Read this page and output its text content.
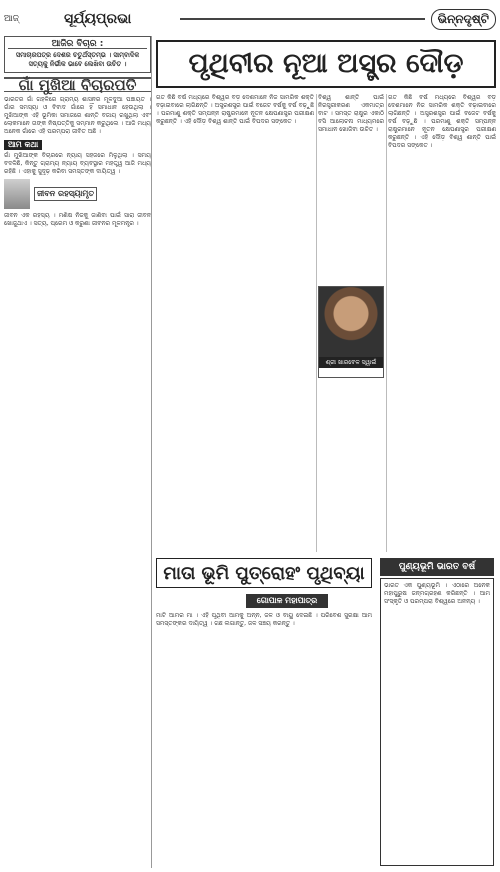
ଆଜ୍	ସୂର୍ଯ୍ୟପ୍ରଭା	ଭିନ୍ନଦୃଷ୍ଟି
ଆଜିର ବିଚାର :
ସମାଚାରପତ୍ର ଦେଶର ଚତୁର୍ଥସ୍ତମ୍ଭ । ସାମ୍ବାଦିକ ସତ୍ୟକୁ ନିର୍ଭୀକ ଭାବେ ଲେଖିବା ଉଚିତ ।
ଗାଁ ମୁଖିଆ ବିଚାରପତି

ଭାରତର ଗାଁ ଗହଳିରେ ଗ୍ରାମ୍ୟ ଶାସନର ମୂଳଦୁଆ ପଞ୍ଚାୟତ । ଗାଁର ସମସ୍ୟା ଓ ବିବାଦ ଗାଁରେ ହିଁ ସମାଧାନ ହେଉଥିଲା । ମୁଖିଆଙ୍କ ଏହି ଭୂମିକା ସମାଜରେ ଶାନ୍ତି ବଜାୟ ରଖୁଥିଲା ଏବଂ ଲୋକମାନେ ତାଙ୍କ ନିଷ୍ପତ୍ତିକୁ ସମ୍ମାନ କରୁଥିଲେ । ଆଜି ମଧ୍ୟ ଅନେକ ଗାଁରେ ଏହି ପରମ୍ପରା ଜୀବିତ ଅଛି ।

ଆମ କଥା

ଗାଁ ମୁଖିଆଙ୍କ ବିଚାରରେ ନ୍ୟାୟ ସହଜରେ ମିଳୁଥିଲା । ସମୟ ବଦଳିଛି, କିନ୍ତୁ ଗ୍ରାମ୍ୟ ନ୍ୟାୟ ବ୍ୟବସ୍ଥାର ମହତ୍ତ୍ୱ ଆଜି ମଧ୍ୟ ରହିଛି । ଏହାକୁ ସୁଦୃଢ଼ କରିବା ସମସ୍ତଙ୍କ ଦାୟିତ୍ୱ ।

ଜୀବନ ରହସ୍ୟାମୃତ

ଜୀବନ ଏକ ରହସ୍ୟ । ମଣିଷ ନିଜକୁ ଜାଣିବା ପାଇଁ ସାରା ଜୀବନ ଖୋଜୁଥାଏ । ସତ୍ୟ, ପ୍ରେମ ଓ କରୁଣା ଜୀବନର ମୂଳମନ୍ତ୍ର ।

ପୃଥିବୀର ନୂଆ ଅସ୍ତ୍ର ଦୌଡ଼

ଗତ କିଛି ବର୍ଷ ମଧ୍ୟରେ ବିଶ୍ୱର ବଡ଼ ଦେଶମାନେ ନିଜ ସାମରିକ ଶକ୍ତି ବଢ଼ାଇବାରେ ଲାଗିଛନ୍ତି । ଅସ୍ତ୍ରଶସ୍ତ୍ର ପାଇଁ ବଜେଟ ବର୍ଷକୁ ବର୍ଷ ବଢ଼ୁଛି । ପରମାଣୁ ଶକ୍ତି ସମ୍ପନ୍ନ ରାଷ୍ଟ୍ରମାନେ ନୂତନ କ୍ଷେପଣାସ୍ତ୍ର ପରୀକ୍ଷଣ କରୁଛନ୍ତି । ଏହି ଦୌଡ଼ ବିଶ୍ୱ ଶାନ୍ତି ପାଇଁ ବିପଦର ସଙ୍କେତ ।

ବିଶ୍ୱ ଶାନ୍ତି ପାଇଁ ନିରସ୍ତ୍ରୀକରଣ ଏକମାତ୍ର ବାଟ । ସମସ୍ତ ରାଷ୍ଟ୍ର ଏକାଠି ବସି ଆଲୋଚନା ମାଧ୍ୟମରେ ସମାଧାନ ଖୋଜିବା ଉଚିତ ।

ଶ୍ରୀ ଖାରବେଳ ସ୍ୱାଇଁ

ଗତ କିଛି ବର୍ଷ ମଧ୍ୟରେ ବିଶ୍ୱର ବଡ଼ ଦେଶମାନେ ନିଜ ସାମରିକ ଶକ୍ତି ବଢ଼ାଇବାରେ ଲାଗିଛନ୍ତି । ଅସ୍ତ୍ରଶସ୍ତ୍ର ପାଇଁ ବଜେଟ ବର୍ଷକୁ ବର୍ଷ ବଢ଼ୁଛି । ପରମାଣୁ ଶକ୍ତି ସମ୍ପନ୍ନ ରାଷ୍ଟ୍ରମାନେ ନୂତନ କ୍ଷେପଣାସ୍ତ୍ର ପରୀକ୍ଷଣ କରୁଛନ୍ତି । ଏହି ଦୌଡ଼ ବିଶ୍ୱ ଶାନ୍ତି ପାଇଁ ବିପଦର ସଙ୍କେତ ।

ମାତା ଭୂମି ପୁତ୍ରୋହଂ ପୃଥିବ୍ୟା
ଗୋପାଳ ମହାପାତ୍ର

ମାଟି ଆମର ମା । ଏହି ପୃଥିବୀ ଆମକୁ ଅନ୍ନ, ଜଳ ଓ ବାୟୁ ଦେଇଛି । ପରିବେଶ ସୁରକ୍ଷା ଆମ ସମସ୍ତଙ୍କର ଦାୟିତ୍ୱ । ଗଛ ଲଗାନ୍ତୁ, ଜଳ ସଞ୍ଚୟ କରନ୍ତୁ ।

ପୁଣ୍ୟଭୂମି ଭାରତ ବର୍ଷ

ଭାରତ ଏକ ପୁଣ୍ୟଭୂମି । ଏଠାରେ ଅନେକ ମହାପୁରୁଷ ଜନ୍ମଗ୍ରହଣ କରିଛନ୍ତି । ଆମ ସଂସ୍କୃତି ଓ ପରମ୍ପରା ବିଶ୍ୱରେ ଅନନ୍ୟ ।
